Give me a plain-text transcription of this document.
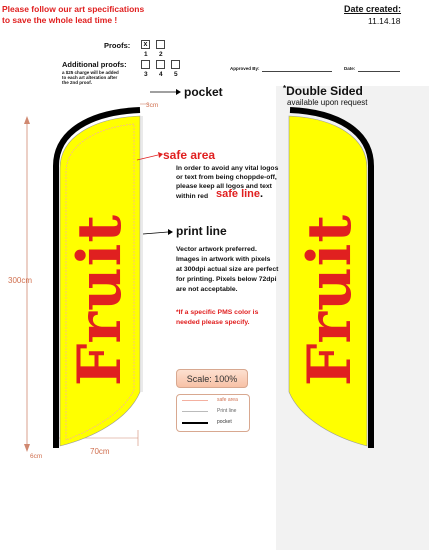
Please follow our art specifications
to save the whole lead time !
Date created:
11.14.18
Proofs:	x
1 2
Additional proofs:
3 4 5
a $25 charge will be added
to each art alteration after
the 2nd proof.
Approved By:	Date:
Fruit	Fruit
300cm
70cm
6cm
3cm
pocket
safe area
In order to avoid any vital logos
or text from being choppde-off,
please keep all logos and text
within red safe line.
print line
Vector artwork preferred.
Images in artwork with pixels
at 300dpi actual size are perfect
for printing. Pixels below 72dpi
are not acceptable.
*If a specific PMS color is
needed please specify.
*Double Sided
available upon request
Scale: 100%
safe area
Print line
pocket
